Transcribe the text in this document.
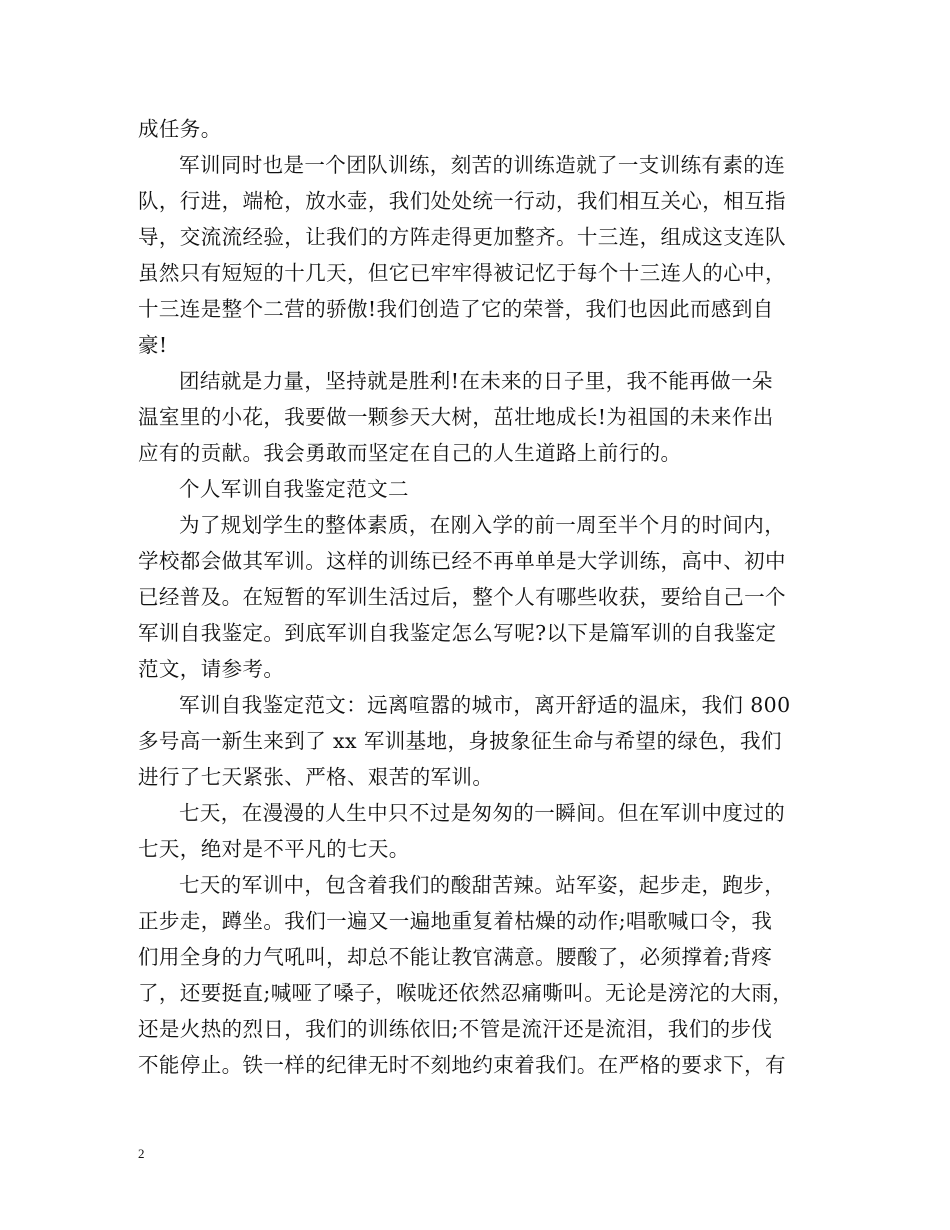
成任务。
军训同时也是一个团队训练，刻苦的训练造就了一支训练有素的连
队，行进，端枪，放水壶，我们处处统一行动，我们相互关心，相互指
导，交流流经验，让我们的方阵走得更加整齐。十三连，组成这支连队
虽然只有短短的十几天，但它已牢牢得被记忆于每个十三连人的心中，
十三连是整个二营的骄傲!我们创造了它的荣誉，我们也因此而感到自
豪!
团结就是力量，坚持就是胜利!在未来的日子里，我不能再做一朵
温室里的小花，我要做一颗参天大树，茁壮地成长!为祖国的未来作出
应有的贡献。我会勇敢而坚定在自己的人生道路上前行的。
个人军训自我鉴定范文二
为了规划学生的整体素质，在刚入学的前一周至半个月的时间内，
学校都会做其军训。这样的训练已经不再单单是大学训练，高中、初中
已经普及。在短暂的军训生活过后，整个人有哪些收获，要给自己一个
军训自我鉴定。到底军训自我鉴定怎么写呢?以下是篇军训的自我鉴定
范文，请参考。
军训自我鉴定范文：远离喧嚣的城市，离开舒适的温床，我们 800
多号高一新生来到了 xx 军训基地，身披象征生命与希望的绿色，我们
进行了七天紧张、严格、艰苦的军训。
七天，在漫漫的人生中只不过是匆匆的一瞬间。但在军训中度过的
七天，绝对是不平凡的七天。
七天的军训中，包含着我们的酸甜苦辣。站军姿，起步走，跑步，
正步走，蹲坐。我们一遍又一遍地重复着枯燥的动作;唱歌喊口令，我
们用全身的力气吼叫，却总不能让教官满意。腰酸了，必须撑着;背疼
了，还要挺直;喊哑了嗓子，喉咙还依然忍痛嘶叫。无论是滂沱的大雨，
还是火热的烈日，我们的训练依旧;不管是流汗还是流泪，我们的步伐
不能停止。铁一样的纪律无时不刻地约束着我们。在严格的要求下，有
2
